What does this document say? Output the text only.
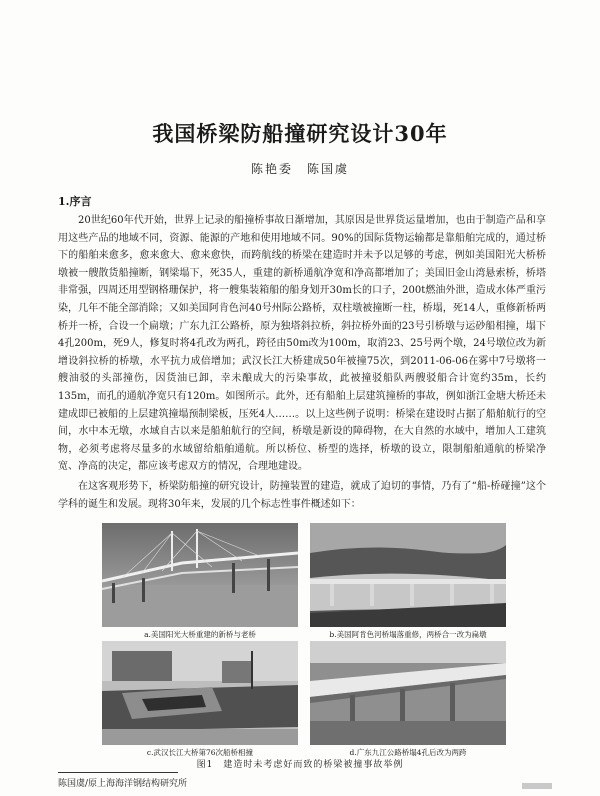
我国桥梁防船撞研究设计30年
陈艳委　陈国虞
1.序言

20世纪60年代开始，世界上记录的船撞桥事故日渐增加，其原因是世界货运量增加，也由于制造产品和享用这些产品的地域不同，资源、能源的产地和使用地域不同。90%的国际货物运输都是靠船舶完成的，通过桥下的船舶来愈多，愈来愈大、愈来愈快，而跨航线的桥梁在建造时并未予以足够的考虑，例如美国阳光大桥桥墩被一艘散货船撞断，钢梁塌下，死35人，重建的新桥通航净宽和净高都增加了；美国旧金山湾悬索桥，桥塔非常强，四周还用型钢格珊保护，将一艘集装箱船的船身划开30m长的口子，200t燃油外泄，造成水体严重污染，几年不能全部消除；又如美国阿肯色河40号州际公路桥，双柱墩被撞断一柱，桥塌，死14人，重修新桥两桥并一桥，合设一个扁墩；广东九江公路桥，原为独塔斜拉桥，斜拉桥外面的23号引桥墩与运砂船相撞，塌下4孔200m，死9人，修复时将4孔改为两孔，跨径由50m改为100m，取消23、25号两个墩，24号墩位改为新增设斜拉桥的桥墩，水平抗力成倍增加；武汉长江大桥建成50年被撞75次，到2011-06-06在雾中7号墩将一艘油驳的头部撞伤，因货油已卸，幸未酿成大的污染事故，此被撞驳船队两艘驳船合计宽约35m，长约135m，而孔的通航净宽只有120m。如图所示。此外，还有船舶上层建筑撞桥的事故，例如浙江金塘大桥还未建成即已被船的上层建筑撞塌预制梁板，压死4人……。以上这些例子说明：桥梁在建设时占据了船舶航行的空间，水中本无墩，水域自古以来是船舶航行的空间，桥墩是新设的障碍物，在大自然的水域中，增加人工建筑物，必须考虑将尽量多的水域留给船舶通航。所以桥位、桥型的选择，桥墩的设立，限制船舶通航的桥梁净宽、净高的决定，都应该考虑双方的情况，合理地建设。

在这客观形势下，桥梁防船撞的研究设计，防撞装置的建造，就成了迫切的事情，乃有了“船-桥碰撞”这个学科的诞生和发展。现将30年来，发展的几个标志性事件概述如下：

a.美国阳光大桥重建的新桥与老桥	b.美国阿肯色河桥塌落重修，两桥合一改为扁墩
c.武汉长江大桥第76次船桥相撞	d.广东九江公路桥塌4孔后改为两跨
图1　建造时未考虑好而致的桥梁被撞事故举例
陈国虞/原上海海洋钢结构研究所
